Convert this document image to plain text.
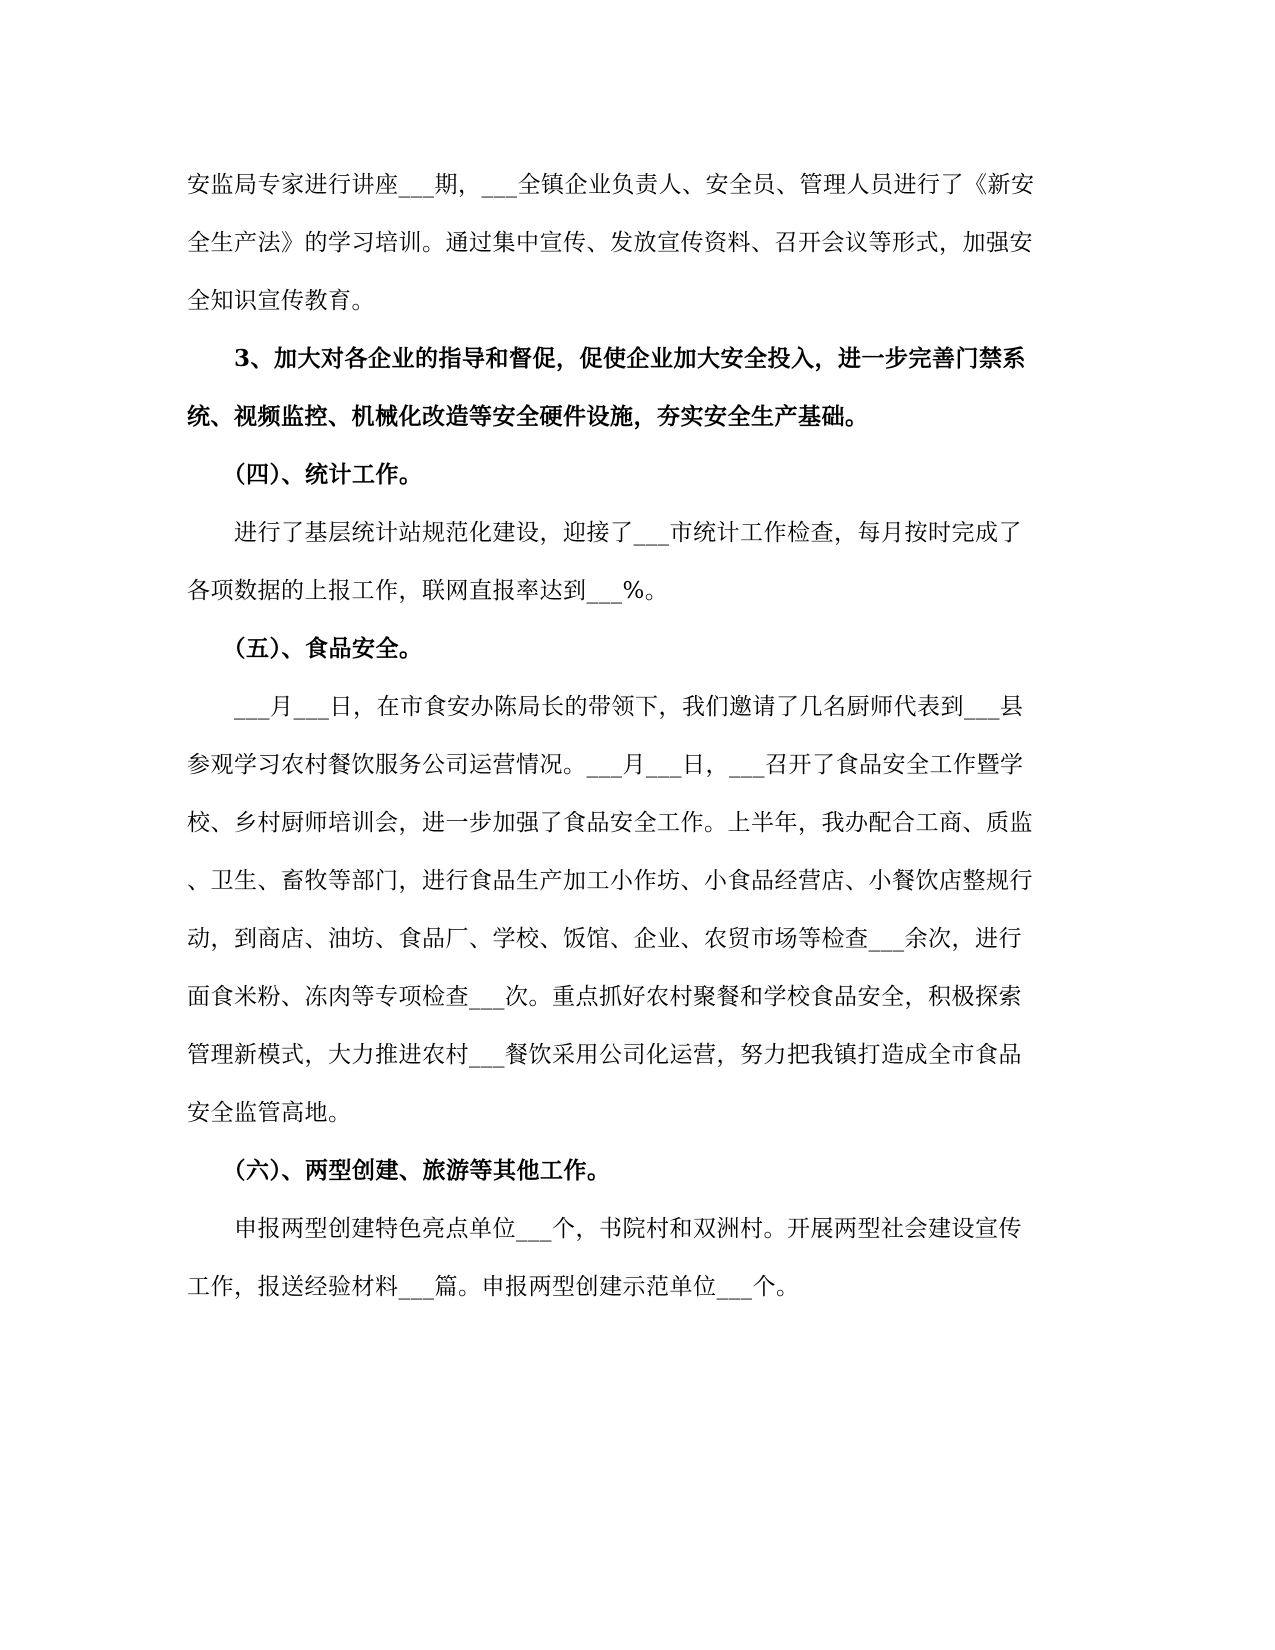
安监局专家进行讲座___期，___全镇企业负责人、安全员、管理人员进行了《新安
全生产法》的学习培训。通过集中宣传、发放宣传资料、召开会议等形式，加强安
全知识宣传教育。
　　3、加大对各企业的指导和督促，促使企业加大安全投入，进一步完善门禁系
统、视频监控、机械化改造等安全硬件设施，夯实安全生产基础。
　　（四）、统计工作。
　　进行了基层统计站规范化建设，迎接了___市统计工作检查，每月按时完成了
各项数据的上报工作，联网直报率达到___%。
　　（五）、食品安全。
　　___月___日，在市食安办陈局长的带领下，我们邀请了几名厨师代表到___县
参观学习农村餐饮服务公司运营情况。___月___日，___召开了食品安全工作暨学
校、乡村厨师培训会，进一步加强了食品安全工作。上半年，我办配合工商、质监
、卫生、畜牧等部门，进行食品生产加工小作坊、小食品经营店、小餐饮店整规行
动，到商店、油坊、食品厂、学校、饭馆、企业、农贸市场等检查___余次，进行
面食米粉、冻肉等专项检查___次。重点抓好农村聚餐和学校食品安全，积极探索
管理新模式，大力推进农村___餐饮采用公司化运营，努力把我镇打造成全市食品
安全监管高地。
　　（六）、两型创建、旅游等其他工作。
　　申报两型创建特色亮点单位___个，书院村和双洲村。开展两型社会建设宣传
工作，报送经验材料___篇。申报两型创建示范单位___个。
